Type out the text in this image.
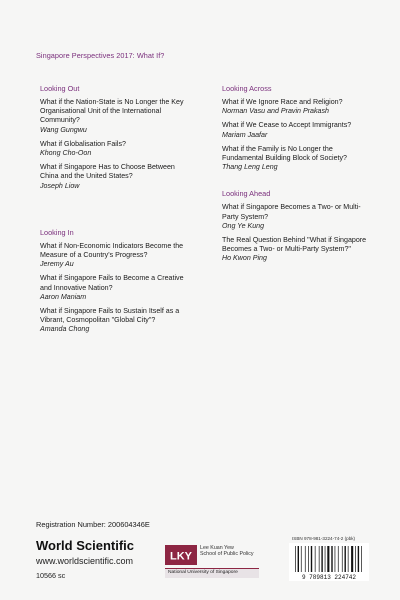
Singapore Perspectives 2017: What If?
Looking Out
What if the Nation-State is No Longer the Key Organisational Unit of the International Community?
Wang Gungwu
What if Globalisation Fails?
Khong Cho-Oon
What if Singapore Has to Choose Between China and the United States?
Joseph Liow
Looking In
What if Non-Economic Indicators Become the Measure of a Country's Progress?
Jeremy Au
What if Singapore Fails to Become a Creative and Innovative Nation?
Aaron Maniam
What if Singapore Fails to Sustain Itself as a Vibrant, Cosmopolitan "Global City"?
Amanda Chong
Looking Across
What if We Ignore Race and Religion?
Norman Vasu and Pravin Prakash
What if We Cease to Accept Immigrants?
Mariam Jaafar
What if the Family is No Longer the Fundamental Building Block of Society?
Thang Leng Leng
Looking Ahead
What if Singapore Becomes a Two- or Multi-Party System?
Ong Ye Kung
The Real Question Behind "What if Singapore Becomes a Two- or Multi-Party System?"
Ho Kwon Ping
Registration Number: 200604346E
World Scientific
www.worldscientific.com
10566 sc
LKY
Lee Kuan Yew
School of Public Policy
National University of Singapore
ISBN 978-981-3224-74-2 (pbk)
9 789813 224742
